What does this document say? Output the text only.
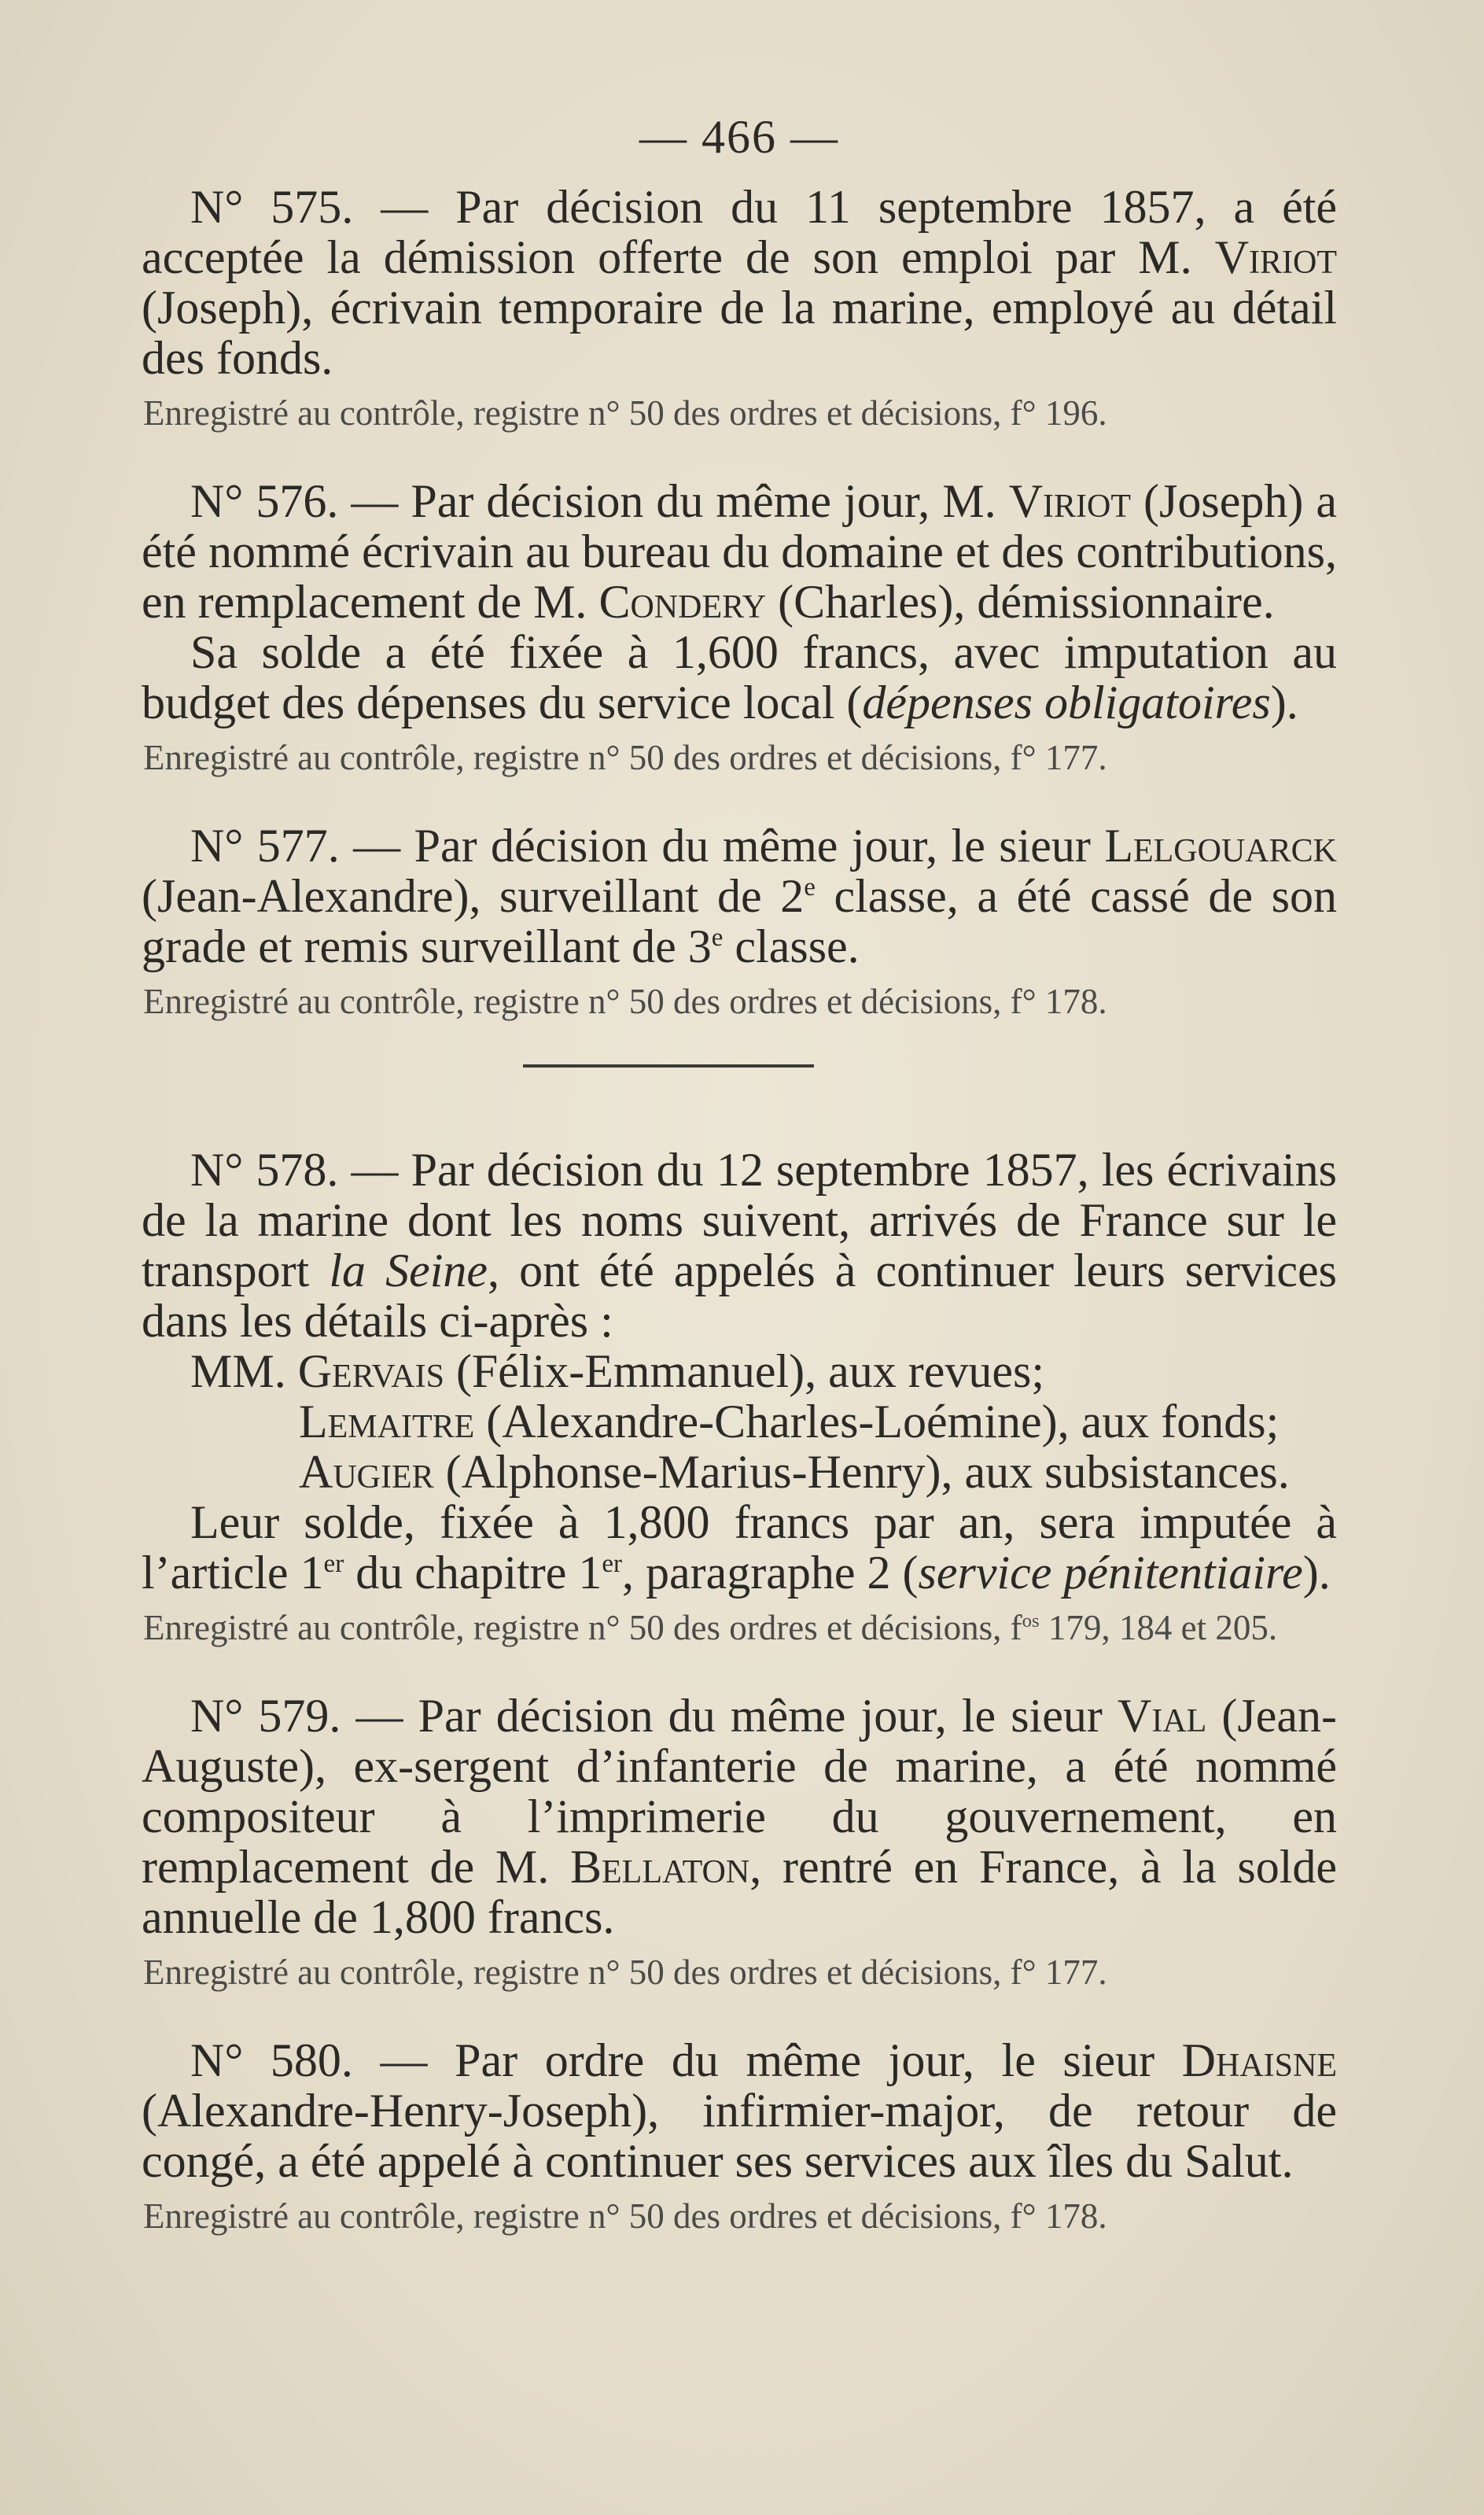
— 466 —

N° 575. — Par décision du 11 septembre 1857, a été acceptée la démission offerte de son emploi par M. Viriot (Joseph), écrivain temporaire de la marine, employé au détail des fonds.

Enregistré au contrôle, registre n° 50 des ordres et décisions, f° 196.

N° 576. — Par décision du même jour, M. Viriot (Joseph) a été nommé écrivain au bureau du domaine et des contributions, en remplacement de M. Condery (Charles), démissionnaire.

Sa solde a été fixée à 1,600 francs, avec imputation au budget des dépenses du service local (dépenses obligatoires).

Enregistré au contrôle, registre n° 50 des ordres et décisions, f° 177.

N° 577. — Par décision du même jour, le sieur Lelgouarck (Jean-Alexandre), surveillant de 2e classe, a été cassé de son grade et remis surveillant de 3e classe.

Enregistré au contrôle, registre n° 50 des ordres et décisions, f° 178.

N° 578. — Par décision du 12 septembre 1857, les écrivains de la marine dont les noms suivent, arrivés de France sur le transport la Seine, ont été appelés à continuer leurs services dans les détails ci-après :

MM. Gervais (Félix-Emmanuel), aux revues;

Lemaitre (Alexandre-Charles-Loémine), aux fonds;

Augier (Alphonse-Marius-Henry), aux subsistances.

Leur solde, fixée à 1,800 francs par an, sera imputée à l’article 1er du chapitre 1er, paragraphe 2 (service pénitentiaire).

Enregistré au contrôle, registre n° 50 des ordres et décisions, $f^{os}$ 179, 184 et 205.

N° 579. — Par décision du même jour, le sieur Vial (Jean-Auguste), ex-sergent d’infanterie de marine, a été nommé compositeur à l’imprimerie du gouvernement, en remplacement de M. Bellaton, rentré en France, à la solde annuelle de 1,800 francs.

Enregistré au contrôle, registre n° 50 des ordres et décisions, f° 177.

N° 580. — Par ordre du même jour, le sieur Dhaisne (Alexandre-Henry-Joseph), infirmier-major, de retour de congé, a été appelé à continuer ses services aux îles du Salut.

Enregistré au contrôle, registre n° 50 des ordres et décisions, f° 178.
